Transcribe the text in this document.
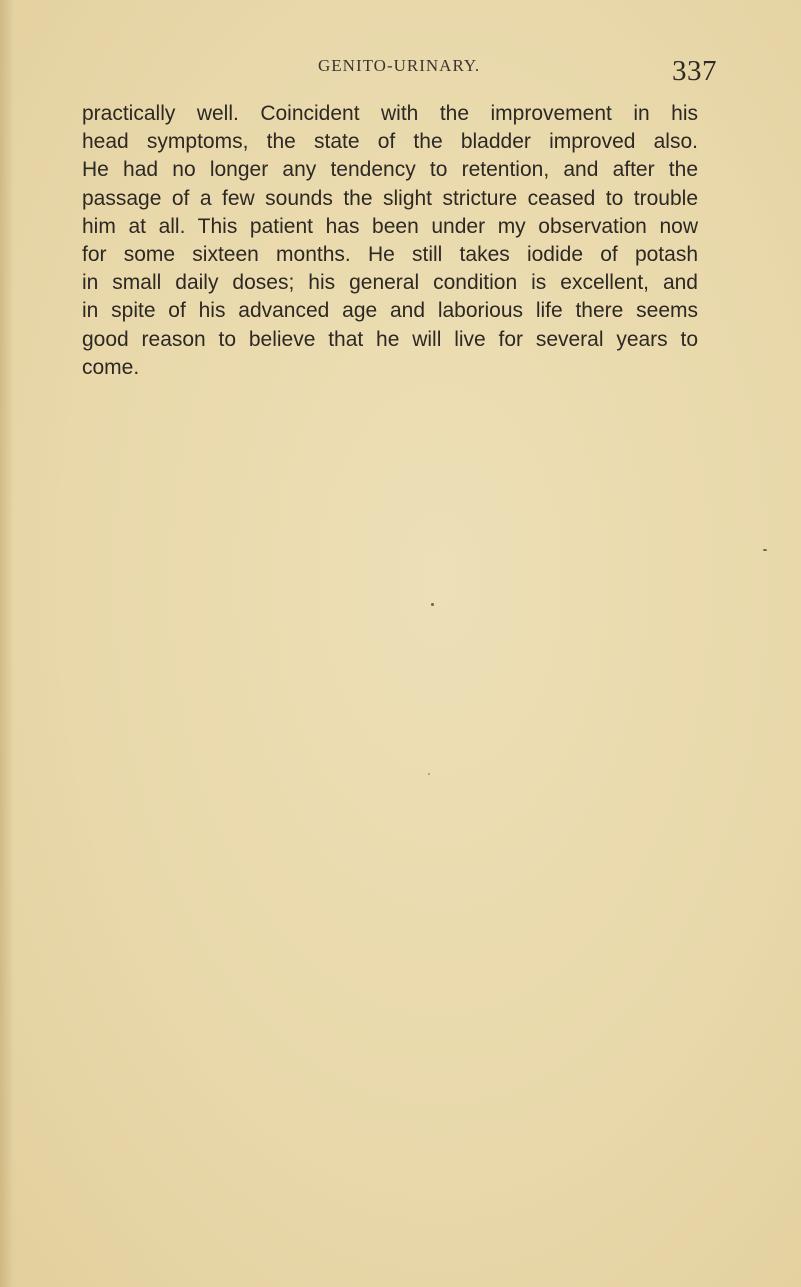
GENITO-URINARY.	337

practically well. Coincident with the improvement in his
head symptoms, the state of the bladder improved also.
He had no longer any tendency to retention, and after the
passage of a few sounds the slight stricture ceased to trouble
him at all. This patient has been under my observation now
for some sixteen months. He still takes iodide of potash
in small daily doses; his general condition is excellent, and
in spite of his advanced age and laborious life there seems
good reason to believe that he will live for several years to
come.
